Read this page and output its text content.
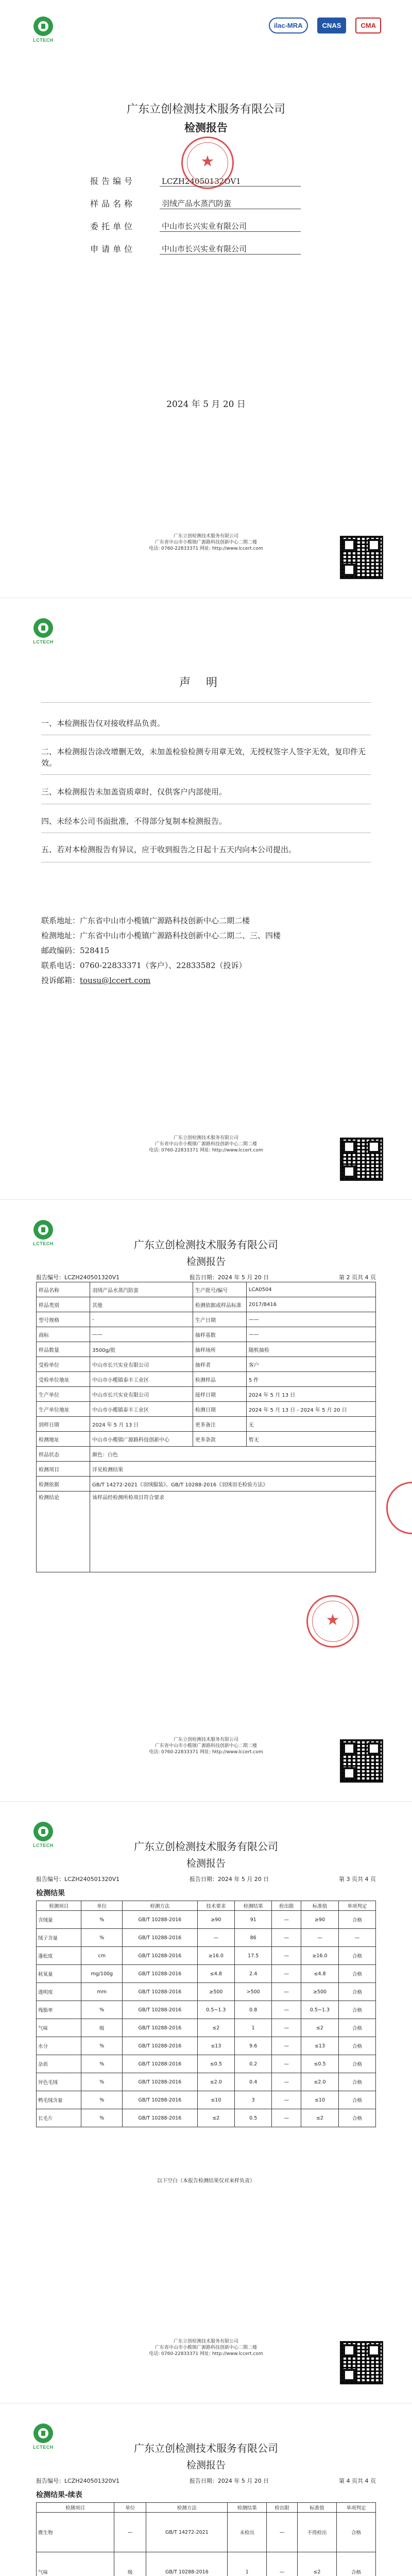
LCTECH
ilac-MRA	CNAS	CMA
广东立创检测技术服务有限公司
检测报告
报告编号	LCZH24050132OV1
样品名称	羽绒产品水蒸汽防蛮
委托单位	中山市长兴实业有限公司
申请单位	中山市长兴实业有限公司
★
2024 年 5 月 20 日
广东立创检测技术服务有限公司
广东省中山市小榄镇广源路科技创新中心二期二楼
电话: 0760-22833371 网址: http://www.lccert.com
LCTECH
声明
一、本检测报告仅对接收样品负责。
二、本检测报告涂改增删无效，未加盖检验检测专用章无效，无授权签字人签字无效，复印件无效。
三、本检测报告未加盖资质章时，仅供客户内部使用。
四、未经本公司书面批准，不得部分复制本检测报告。
五、若对本检测报告有异议，应于收到报告之日起十五天内向本公司提出。
联系地址：广东省中山市小榄镇广源路科技创新中心二期二楼
检测地址：广东省中山市小榄镇广源路科技创新中心二期二、三、四楼
邮政编码：528415
联系电话：0760-22833371（客户）、22833582（投诉）
投诉邮箱：tousu@lccert.com
广东立创检测技术服务有限公司
广东省中山市小榄镇广源路科技创新中心二期二楼
电话: 0760-22833371 网址: http://www.lccert.com
LCTECH	广东立创检测技术服务有限公司
检测报告
报告编号：LCZH240501320V1	报告日期：2024 年 5 月 20 日	第 2 页共 4 页
样品名称	羽绒产品水蒸汽防蛮	生产批号/编号	LCA0504
样品类别	其他	检测依据或样品标准	2017/8416
型号规格	-	生产日期	——
商标	——	抽样基数	——
样品数量	3500g/批	抽样场所	随机抽检
受检单位	中山市长兴实业有限公司	抽样者	客户
受检单位地址	中山市小榄镇泰丰工业区	检测样品	5 件
生产单位	中山市长兴实业有限公司	接样日期	2024 年 5 月 13 日
生产单位地址	中山市小榄镇泰丰工业区	检测日期	2024 年 5 月 13 日 - 2024 年 5 月 20 日
到样日期	2024 年 5 月 13 日	更多备注	无
检测地址	中山市小榄镇广源路科技创新中心	更多条款	暂无
样品状态	颜色：白色		
检测项目	详见检测结果		
检测依据	GB/T 14272-2021《羽绒服装》、GB/T 10288-2016《羽绒羽毛检验方法》		
检测结论	该样品经检测所检项目符合要求		
★
广东立创检测技术服务有限公司
广东省中山市小榄镇广源路科技创新中心二期二楼
电话: 0760-22833371 网址: http://www.lccert.com
LCTECH	广东立创检测技术服务有限公司
检测报告
报告编号：LCZH240501320V1	报告日期：2024 年 5 月 20 日	第 3 页共 4 页
检测结果
检测项目	单位	检测方法	技术要求	检测结果	检出限	标准值	单项判定
含绒量	%	GB/T 10288-2016	≥90	91	—	≥90	合格
绒子含量	%	GB/T 10288-2016	—	86	—	—	—
蓬松度	cm	GB/T 10288-2016	≥16.0	17.5	—	≥16.0	合格
耗氧量	mg/100g	GB/T 10288-2016	≤4.8	2.4	—	≤4.8	合格
透明度	mm	GB/T 10288-2016	≥500	>500	—	≥500	合格
残脂率	%	GB/T 10288-2016	0.5~1.3	0.8	—	0.5~1.3	合格
气味	级	GB/T 10288-2016	≤2	1	—	≤2	合格
水分	%	GB/T 10288-2016	≤13	9.6	—	≤13	合格
杂质	%	GB/T 10288-2016	≤0.5	0.2	—	≤0.5	合格
异色毛绒	%	GB/T 10288-2016	≤2.0	0.4	—	≤2.0	合格
鸭毛绒含量	%	GB/T 10288-2016	≤10	3	—	≤10	合格
长毛片	%	GB/T 10288-2016	≤2	0.5	—	≤2	合格
以下空白（本报告检测结果仅对来样负责）
广东立创检测技术服务有限公司
广东省中山市小榄镇广源路科技创新中心二期二楼
电话: 0760-22833371 网址: http://www.lccert.com
LCTECH	广东立创检测技术服务有限公司
检测报告
报告编号：LCZH240501320V1	报告日期：2024 年 5 月 20 日	第 4 页共 4 页
检测结果-续表
检测项目	单位	检测方法	检测结果	检出限	标准值	单项判定
微生物	—	GB/T 14272-2021	未检出	—	不得检出	合格
气味	级	GB/T 10288-2016	1	—	≤2	合格
